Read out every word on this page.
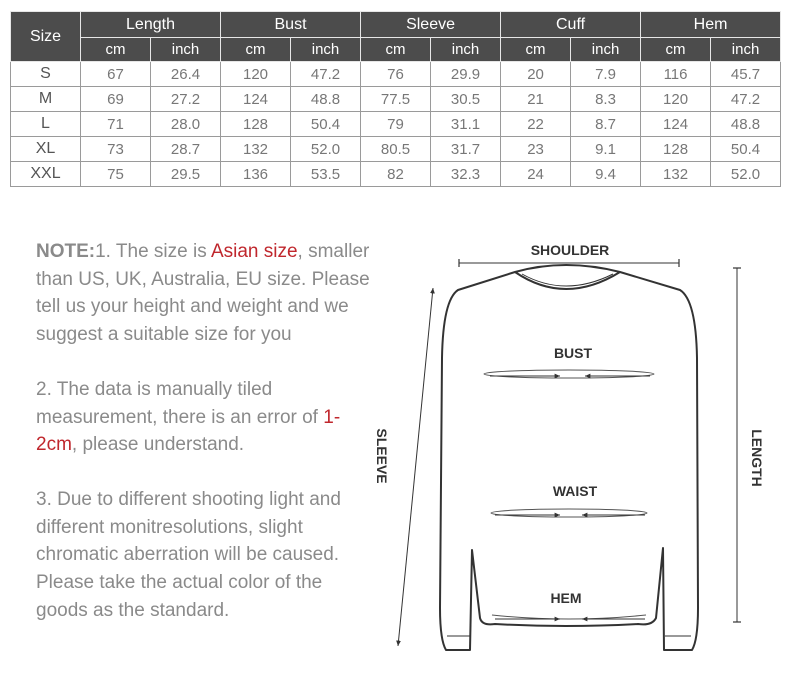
Size	Length		Bust		Sleeve		Cuff		Hem	
	cm	inch	cm	inch	cm	inch	cm	inch	cm	inch
S	67	26.4	120	47.2	76	29.9	20	7.9	116	45.7
M	69	27.2	124	48.8	77.5	30.5	21	8.3	120	47.2
L	71	28.0	128	50.4	79	31.1	22	8.7	124	48.8
XL	73	28.7	132	52.0	80.5	31.7	23	9.1	128	50.4
XXL	75	29.5	136	53.5	82	32.3	24	9.4	132	52.0

NOTE:1. The size is Asian size, smaller than US, UK, Australia, EU size. Please tell us your height and weight and we suggest a suitable size for you

2. The data is manually tiled measurement, there is an error of 1-2cm, please understand.

3. Due to different shooting light and different monitresolutions, slight chromatic aberration will be caused. Please take the actual color of the goods as the standard.

SHOULDER
BUST
WAIST
HEM
SLEEVE	LENGTH
